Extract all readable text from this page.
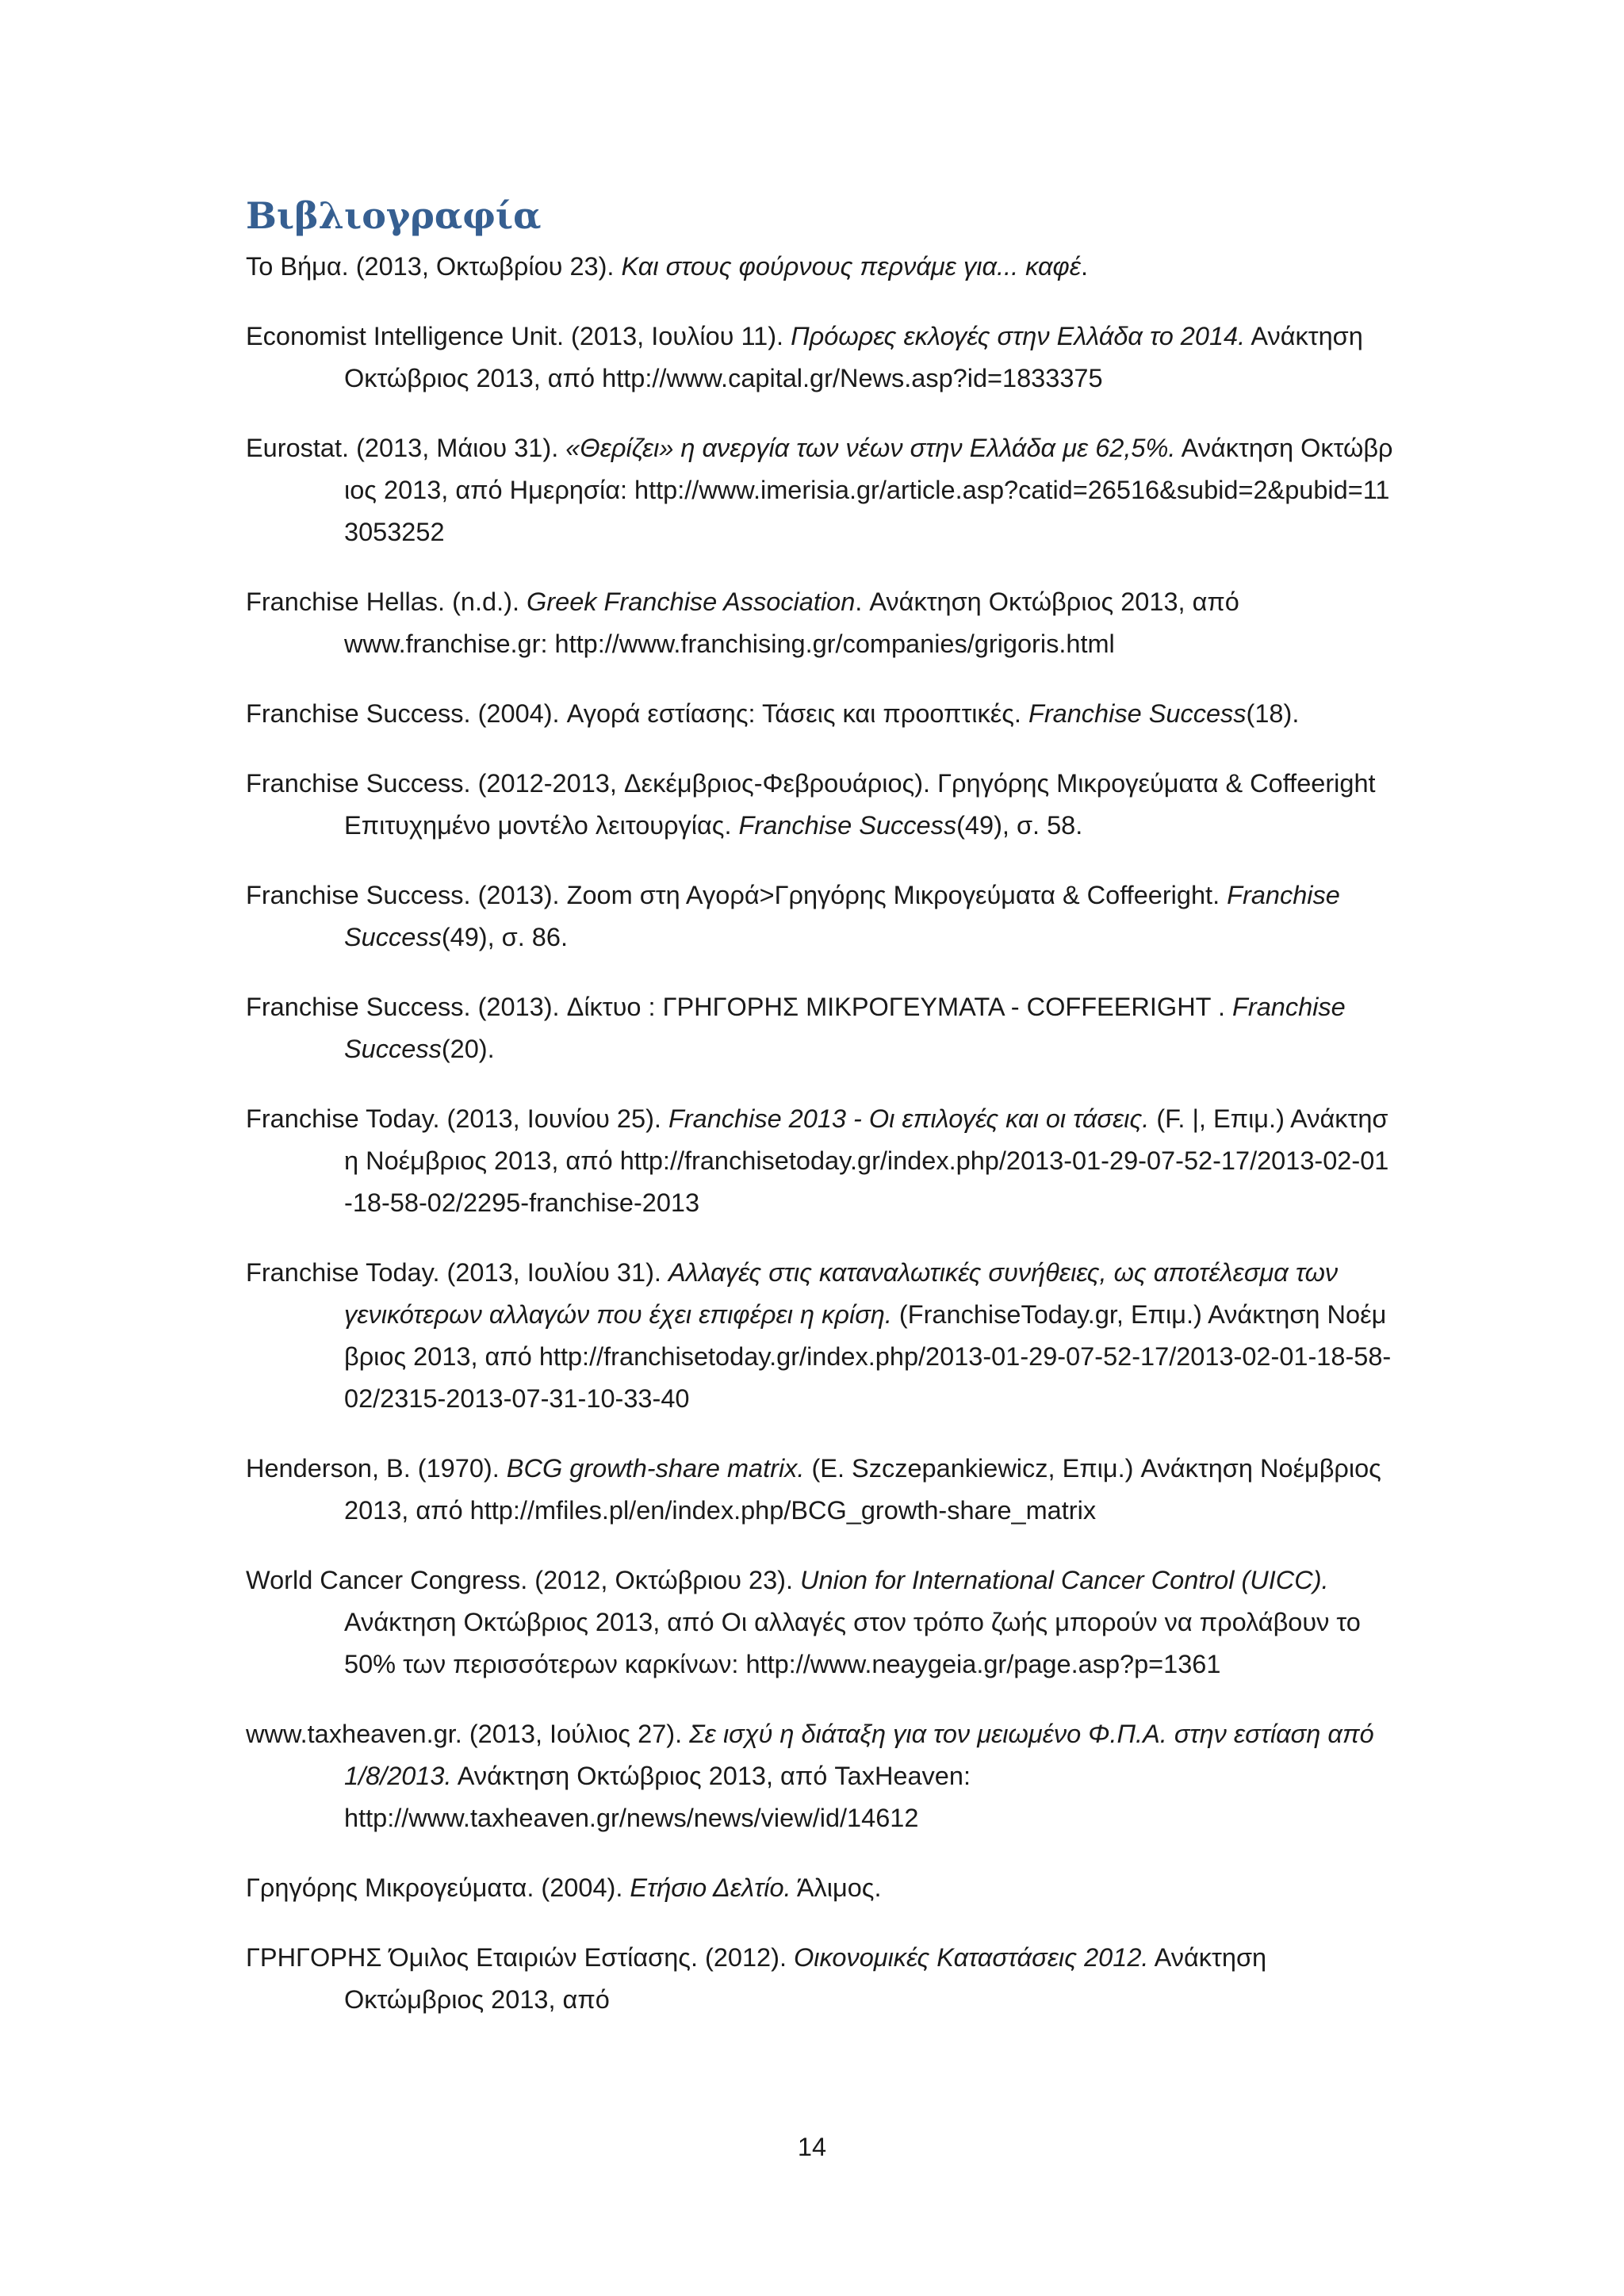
Βιβλιογραφία
Το Βήμα. (2013, Οκτωβρίου 23). Και στους φούρνους περνάμε για... καφέ.
Economist Intelligence Unit. (2013, Ιουλίου 11). Πρόωρες εκλογές στην Ελλάδα το 2014. Ανάκτηση Οκτώβριος 2013, από http://www.capital.gr/News.asp?id=1833375
Eurostat. (2013, Μάιου 31). «Θερίζει» η ανεργία των νέων στην Ελλάδα με 62,5%. Ανάκτηση Οκτώβριος 2013, από Ημερησία: http://www.imerisia.gr/article.asp?catid=26516&subid=2&pubid=113053252
Franchise Hellas. (n.d.). Greek Franchise Association. Ανάκτηση Οκτώβριος 2013, από www.franchise.gr: http://www.franchising.gr/companies/grigoris.html
Franchise Success. (2004). Αγορά εστίασης: Τάσεις και προοπτικές. Franchise Success(18).
Franchise Success. (2012-2013, Δεκέμβριος-Φεβρουάριος). Γρηγόρης Μικρογεύματα & Coffeeright Επιτυχημένο μοντέλο λειτουργίας. Franchise Success(49), σ. 58.
Franchise Success. (2013). Zoom στη Αγορά>Γρηγόρης Μικρογεύματα & Coffeeright. Franchise Success(49), σ. 86.
Franchise Success. (2013). Δίκτυο : ΓΡΗΓΟΡΗΣ ΜΙΚΡΟΓΕΥΜΑΤΑ - COFFEERIGHT . Franchise Success(20).
Franchise Today. (2013, Ιουνίου 25). Franchise 2013 - Οι επιλογές και οι τάσεις. (F. |, Επιμ.) Ανάκτηση Νοέμβριος 2013, από http://franchisetoday.gr/index.php/2013-01-29-07-52-17/2013-02-01-18-58-02/2295-franchise-2013
Franchise Today. (2013, Ιουλίου 31). Αλλαγές στις καταναλωτικές συνήθειες, ως αποτέλεσμα των γενικότερων αλλαγών που έχει επιφέρει η κρίση. (FranchiseToday.gr, Επιμ.) Ανάκτηση Νοέμβριος 2013, από http://franchisetoday.gr/index.php/2013-01-29-07-52-17/2013-02-01-18-58-02/2315-2013-07-31-10-33-40
Henderson, B. (1970). BCG growth-share matrix. (E. Szczepankiewicz, Επιμ.) Ανάκτηση Νοέμβριος 2013, από http://mfiles.pl/en/index.php/BCG_growth-share_matrix
World Cancer Congress. (2012, Οκτώβριου 23). Union for International Cancer Control (UICC). Ανάκτηση Οκτώβριος 2013, από Οι αλλαγές στον τρόπο ζωής μπορούν να προλάβουν το 50% των περισσότερων καρκίνων: http://www.neaygeia.gr/page.asp?p=1361
www.taxheaven.gr. (2013, Ιούλιος 27). Σε ισχύ η διάταξη για τον μειωμένο Φ.Π.Α. στην εστίαση από 1/8/2013. Ανάκτηση Οκτώβριος 2013, από TaxHeaven: http://www.taxheaven.gr/news/news/view/id/14612
Γρηγόρης Μικρογεύματα. (2004). Ετήσιο Δελτίο. Άλιμος.
ΓΡΗΓΟΡΗΣ Όμιλος Εταιριών Εστίασης. (2012). Οικονομικές Καταστάσεις 2012. Ανάκτηση Οκτώμβριος 2013, από
14
